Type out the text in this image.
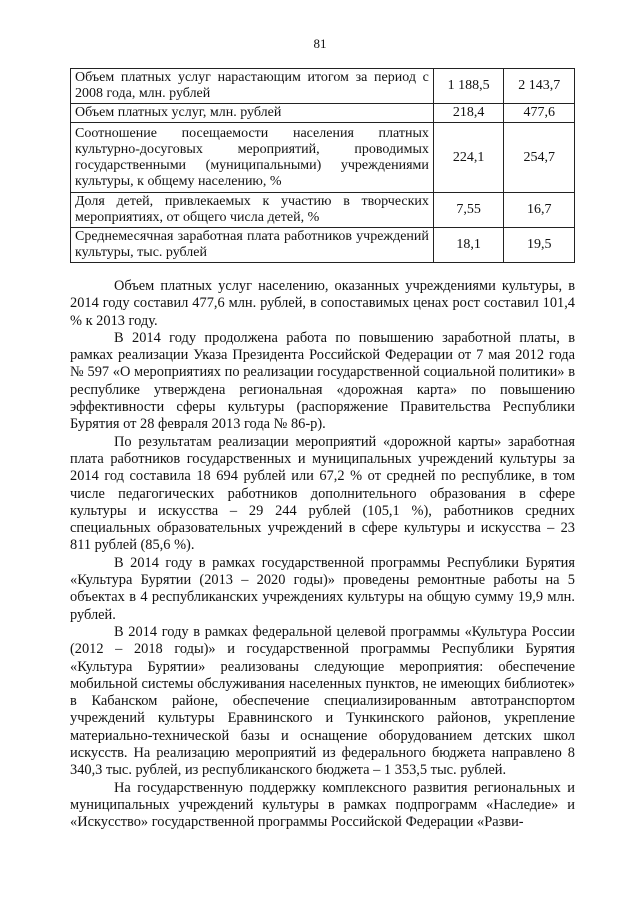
81
Объем платных услуг нарастающим итогом за период с 2008 года, млн. рублей	1 188,5	2 143,7
Объем платных услуг, млн. рублей	218,4	477,6
Соотношение посещаемости населения платных культурно-досуговых мероприятий, проводимых государственными (муниципальными) учреждениями культуры, к общему населению, %	224,1	254,7
Доля детей, привлекаемых к участию в творческих мероприятиях, от общего числа детей, %	7,55	16,7
Среднемесячная заработная плата работников учреждений культуры, тыс. рублей	18,1	19,5

Объем платных услуг населению, оказанных учреждениями культуры, в 2014 году составил 477,6 млн. рублей, в сопоставимых ценах рост составил 101,4 % к 2013 году.

В 2014 году продолжена работа по повышению заработной платы, в рамках реализации Указа Президента Российской Федерации от 7 мая 2012 года № 597 «О мероприятиях по реализации государственной социальной политики» в республике утверждена региональная «дорожная карта» по повышению эффективности сферы культуры (распоряжение Правительства Республики Бурятия от 28 февраля 2013 года № 86-р).

По результатам реализации мероприятий «дорожной карты» заработная плата работников государственных и муниципальных учреждений культуры за 2014 год составила 18 694 рублей или 67,2 % от средней по республике, в том числе педагогических работников дополнительного образования в сфере культуры и искусства – 29 244 рублей (105,1 %), работников средних специальных образовательных учреждений в сфере культуры и искусства – 23 811 рублей (85,6 %).

В 2014 году в рамках государственной программы Республики Бурятия «Культура Бурятии (2013 – 2020 годы)» проведены ремонтные работы на 5 объектах в 4 республиканских учреждениях культуры на общую сумму 19,9 млн. рублей.

В 2014 году в рамках федеральной целевой программы «Культура России (2012 – 2018 годы)» и государственной программы Республики Бурятия «Культура Бурятии» реализованы следующие мероприятия: обеспечение мобильной системы обслуживания населенных пунктов, не имеющих библиотек» в Кабанском районе, обеспечение специализированным автотранспортом учреждений культуры Еравнинского и Тункинского районов, укрепление материально-технической базы и оснащение оборудованием детских школ искусств. На реализацию мероприятий из федерального бюджета направлено 8 340,3 тыс. рублей, из республиканского бюджета – 1 353,5 тыс. рублей.

На государственную поддержку комплексного развития региональных и муниципальных учреждений культуры в рамках подпрограмм «Наследие» и «Искусство» государственной программы Российской Федерации «Разви-
